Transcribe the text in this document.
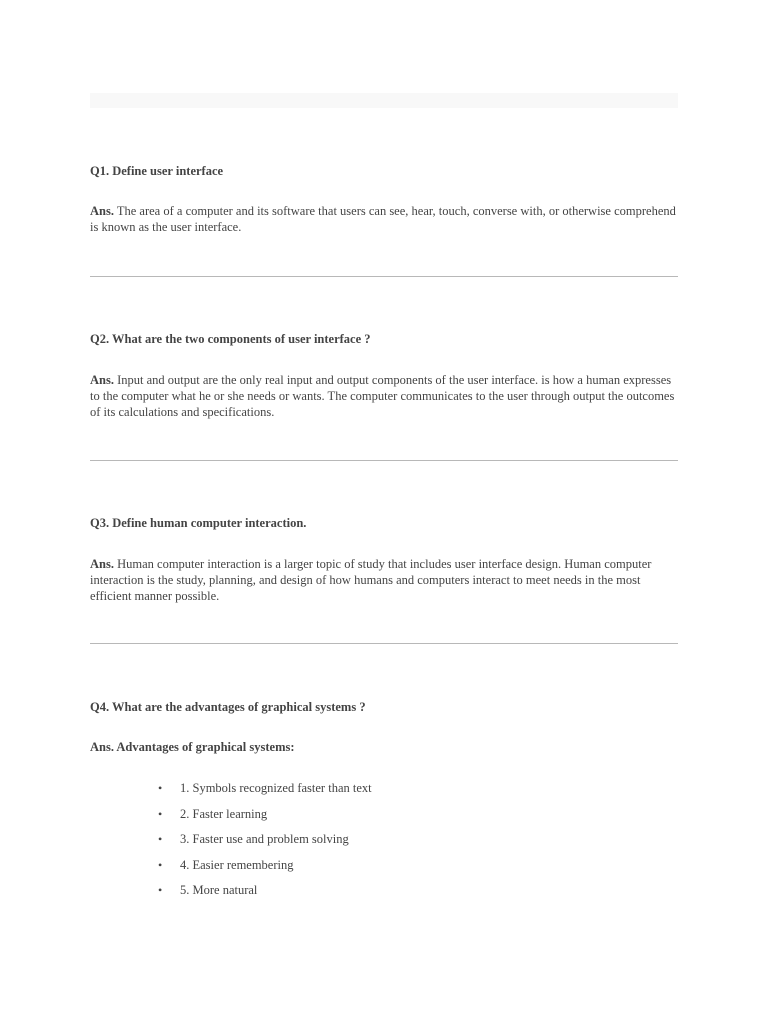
Q1. Define user interface

Ans. The area of a computer and its software that users can see, hear, touch, converse with, or otherwise comprehend is known as the user interface.

Q2. What are the two components of user interface ?

Ans. Input and output are the only real input and output components of the user interface. is how a human expresses to the computer what he or she needs or wants. The computer communicates to the user through output the outcomes of its calculations and specifications.

Q3. Define human computer interaction.

Ans. Human computer interaction is a larger topic of study that includes user interface design. Human computer interaction is the study, planning, and design of how humans and computers interact to meet needs in the most efficient manner possible.

Q4. What are the advantages of graphical systems ?

Ans. Advantages of graphical systems:

• 1. Symbols recognized faster than text
• 2. Faster learning
• 3. Faster use and problem solving
• 4. Easier remembering
• 5. More natural
